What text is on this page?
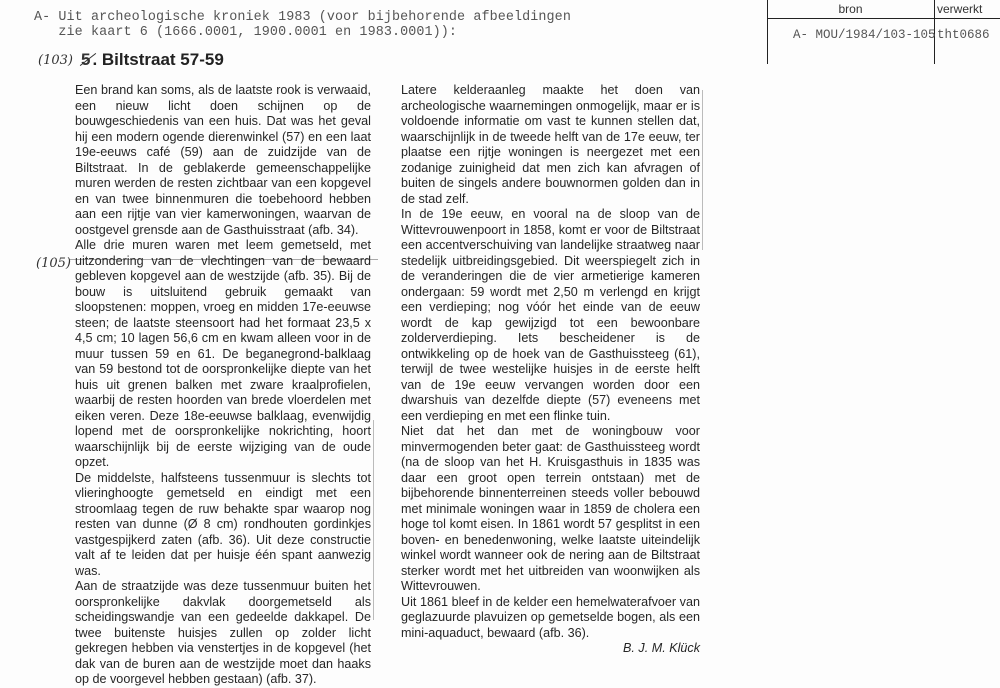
A- Uit archeologische kroniek 1983 (voor bijbehorende afbeeldingen
zie kaart 6 (1666.0001, 1900.0001 en 1983.0001)):
bron	verwerkt
A- MOU/1984/103-105 tht0686
(103) 5 . Biltstraat 57-59
(105)

Een brand kan soms, als de laatste rook is verwaaid, een nieuw licht doen schijnen op de bouwgeschiedenis van een huis. Dat was het geval hij een modern ogende dierenwinkel (57) en een laat 19e-eeuws café (59) aan de zuidzijde van de Biltstraat. In de geblakerde gemeenschappelijke muren werden de resten zichtbaar van een kopgevel en van twee binnenmuren die toebehoord hebben aan een rijtje van vier kamerwoningen, waarvan de oostgevel grensde aan de Gasthuisstraat (afb. 34).

Alle drie muren waren met leem gemetseld, met uitzondering van de vlechtingen van de bewaard gebleven kopgevel aan de westzijde (afb. 35). Bij de bouw is uitsluitend gebruik gemaakt van sloopstenen: moppen, vroeg en midden 17e-eeuwse steen; de laatste steensoort had het formaat 23,5 x 4,5 cm; 10 lagen 56,6 cm en kwam alleen voor in de muur tussen 59 en 61. De beganegrond-balklaag van 59 bestond tot de oorspronkelijke diepte van het huis uit grenen balken met zware kraalprofielen, waarbij de resten hoorden van brede vloerdelen met eiken veren. Deze 18e-eeuwse balklaag, evenwijdig lopend met de oorspronkelijke nokrichting, hoort waarschijnlijk bij de eerste wijziging van de oude opzet.

De middelste, halfsteens tussenmuur is slechts tot vlieringhoogte gemetseld en eindigt met een stroomlaag tegen de ruw behakte spar waarop nog resten van dunne (Ø 8 cm) rondhouten gordinkjes vastgespijkerd zaten (afb. 36). Uit deze constructie valt af te leiden dat per huisje één spant aanwezig was.

Aan de straatzijde was deze tussenmuur buiten het oorspronkelijke dakvlak doorgemetseld als scheidingswandje van een gedeelde dakkapel. De twee buitenste huisjes zullen op zolder licht gekregen hebben via venstertjes in de kopgevel (het dak van de buren aan de westzijde moet dan haaks op de voorgevel hebben gestaan) (afb. 37).

Latere kelderaanleg maakte het doen van archeologische waarnemingen onmogelijk, maar er is voldoende informatie om vast te kunnen stellen dat, waarschijnlijk in de tweede helft van de 17e eeuw, ter plaatse een rijtje woningen is neergezet met een zodanige zuinigheid dat men zich kan afvragen of buiten de singels andere bouwnormen golden dan in de stad zelf.

In de 19e eeuw, en vooral na de sloop van de Wittevrouwenpoort in 1858, komt er voor de Biltstraat een accentverschuiving van landelijke straatweg naar stedelijk uitbreidingsgebied. Dit weerspiegelt zich in de veranderingen die de vier armetierige kameren ondergaan: 59 wordt met 2,50 m verlengd en krijgt een verdieping; nog vóór het einde van de eeuw wordt de kap gewijzigd tot een bewoonbare zolderverdieping. Iets bescheidener is de ontwikkeling op de hoek van de Gasthuissteeg (61), terwijl de twee westelijke huisjes in de eerste helft van de 19e eeuw vervangen worden door een dwarshuis van dezelfde diepte (57) eveneens met een verdieping en met een flinke tuin.

Niet dat het dan met de woningbouw voor minvermogenden beter gaat: de Gasthuissteeg wordt (na de sloop van het H. Kruisgasthuis in 1835 was daar een groot open terrein ontstaan) met de bijbehorende binnenterreinen steeds voller bebouwd met minimale woningen waar in 1859 de cholera een hoge tol komt eisen. In 1861 wordt 57 gesplitst in een boven- en benedenwoning, welke laatste uiteindelijk winkel wordt wanneer ook de nering aan de Biltstraat sterker wordt met het uitbreiden van woonwijken als Wittevrouwen.

Uit 1861 bleef in de kelder een hemelwaterafvoer van geglazuurde plavuizen op gemetselde bogen, als een mini-aquaduct, bewaard (afb. 36).

B. J. M. Klück
